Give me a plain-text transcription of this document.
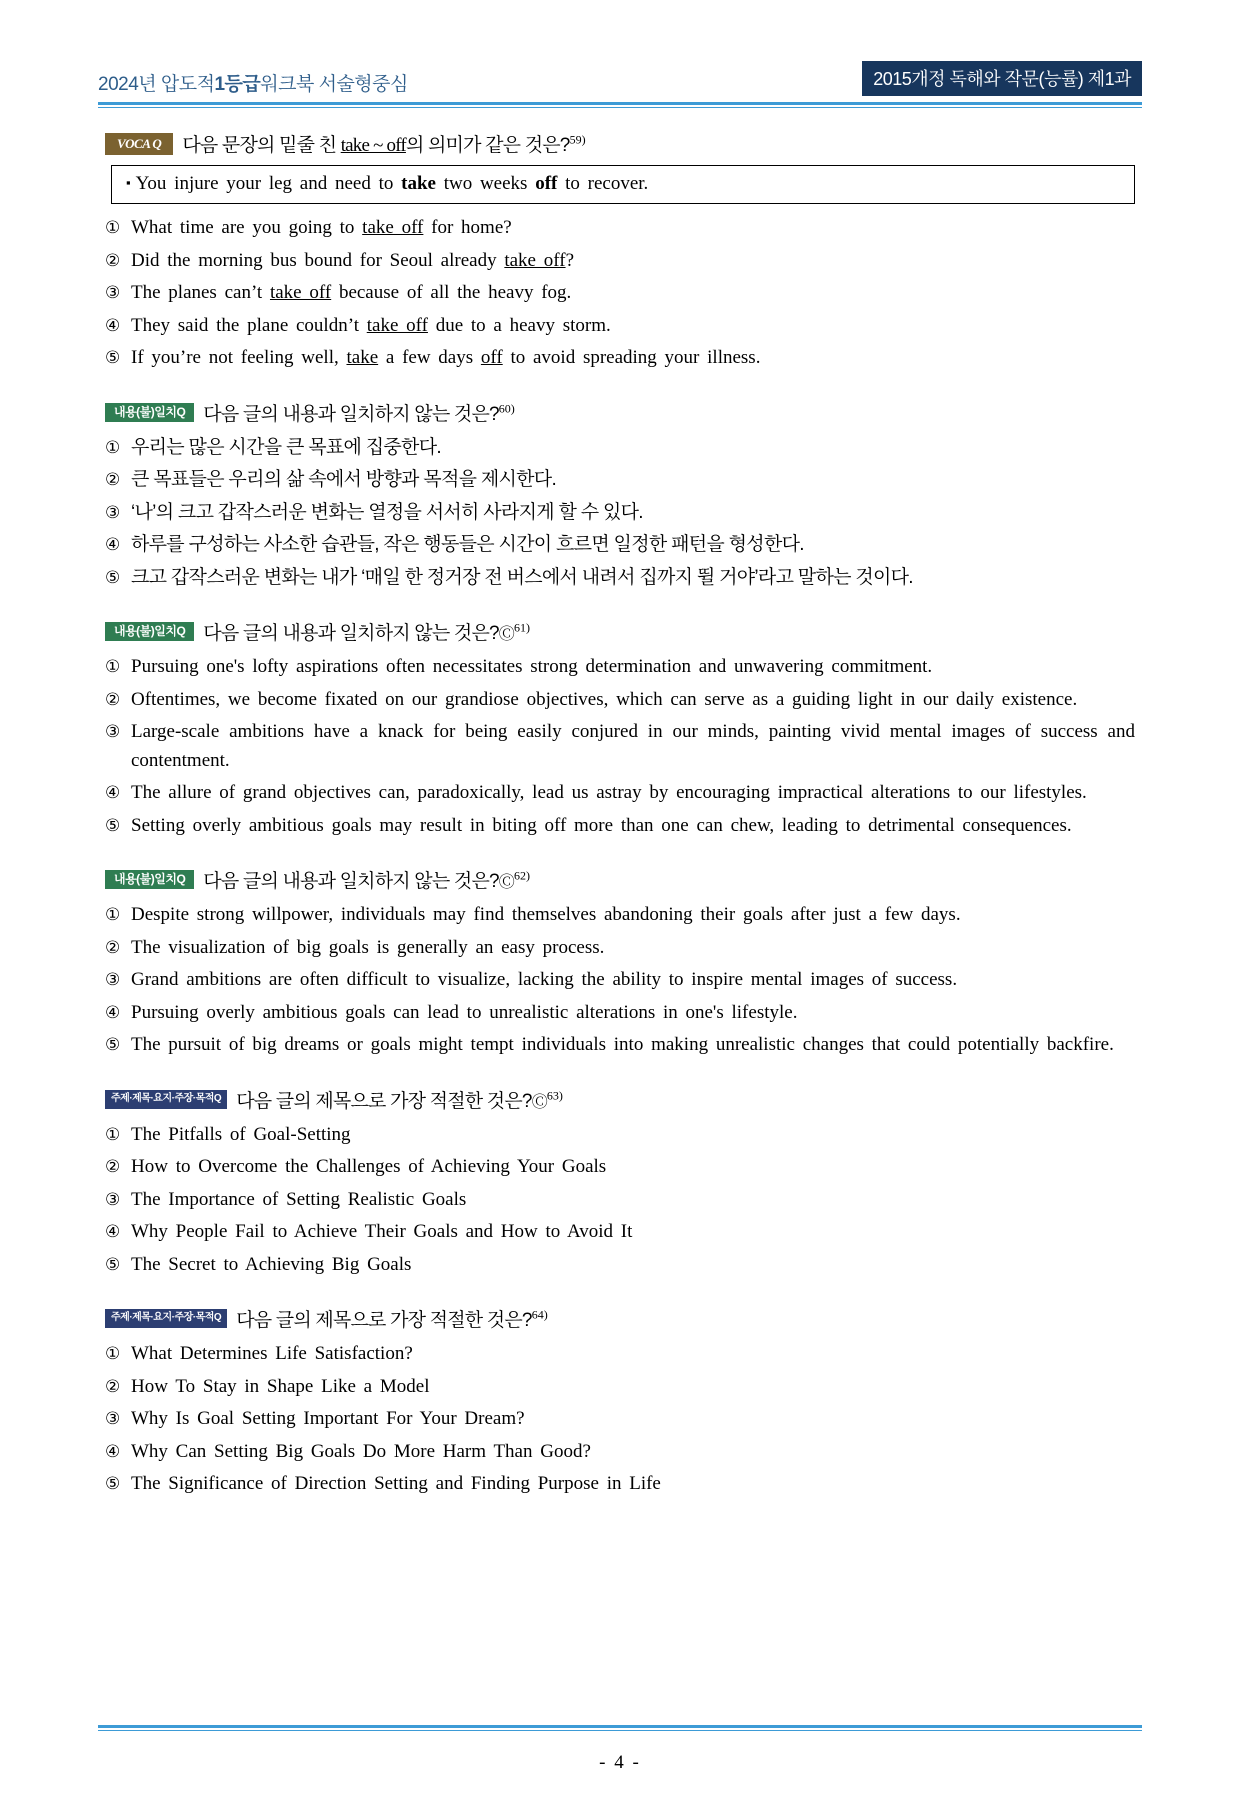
2024년 압도적1등급워크북 서술형중심	2015개정 독해와 작문(능률) 제1과
VOCA Q	다음 문장의 밑줄 친 take ~ off의 의미가 같은 것은?$^{59)}$
▪ You injure your leg and need to take two weeks off to recover.
① What time are you going to take off for home?
② Did the morning bus bound for Seoul already take off?
③ The planes can’t take off because of all the heavy fog.
④ They said the plane couldn’t take off due to a heavy storm.
⑤ If you’re not feeling well, take a few days off to avoid spreading your illness.
내용(불)일치Q 다음 글의 내용과 일치하지 않는 것은?$^{60)}$
① 우리는 많은 시간을 큰 목표에 집중한다.
② 큰 목표들은 우리의 삶 속에서 방향과 목적을 제시한다.
③ ‘나’의 크고 갑작스러운 변화는 열정을 서서히 사라지게 할 수 있다.
④ 하루를 구성하는 사소한 습관들, 작은 행동들은 시간이 흐르면 일정한 패턴을 형성한다.
⑤ 크고 갑작스러운 변화는 내가 ‘매일 한 정거장 전 버스에서 내려서 집까지 뛸 거야’라고 말하는 것이다.
내용(불)일치Q 다음 글의 내용과 일치하지 않는 것은?Ⓒ$^{61)}$
① Pursuing one's lofty aspirations often necessitates strong determination and unwavering commitment.
② Oftentimes, we become fixated on our grandiose objectives, which can serve as a guiding light in our daily existence.
③ Large-scale ambitions have a knack for being easily conjured in our minds, painting vivid mental images of success and contentment.
④ The allure of grand objectives can, paradoxically, lead us astray by encouraging impractical alterations to our lifestyles.
⑤ Setting overly ambitious goals may result in biting off more than one can chew, leading to detrimental consequences.
내용(불)일치Q 다음 글의 내용과 일치하지 않는 것은?Ⓒ$^{62)}$
① Despite strong willpower, individuals may find themselves abandoning their goals after just a few days.
② The visualization of big goals is generally an easy process.
③ Grand ambitions are often difficult to visualize, lacking the ability to inspire mental images of success.
④ Pursuing overly ambitious goals can lead to unrealistic alterations in one's lifestyle.
⑤ The pursuit of big dreams or goals might tempt individuals into making unrealistic changes that could potentially backfire.
주제·제목·요지·주장·목적Q 다음 글의 제목으로 가장 적절한 것은?Ⓒ$^{63)}$
① The Pitfalls of Goal-Setting
② How to Overcome the Challenges of Achieving Your Goals
③ The Importance of Setting Realistic Goals
④ Why People Fail to Achieve Their Goals and How to Avoid It
⑤ The Secret to Achieving Big Goals
주제·제목·요지·주장·목적Q 다음 글의 제목으로 가장 적절한 것은?$^{64)}$
① What Determines Life Satisfaction?
② How To Stay in Shape Like a Model
③ Why Is Goal Setting Important For Your Dream?
④ Why Can Setting Big Goals Do More Harm Than Good?
⑤ The Significance of Direction Setting and Finding Purpose in Life
- 4 -
